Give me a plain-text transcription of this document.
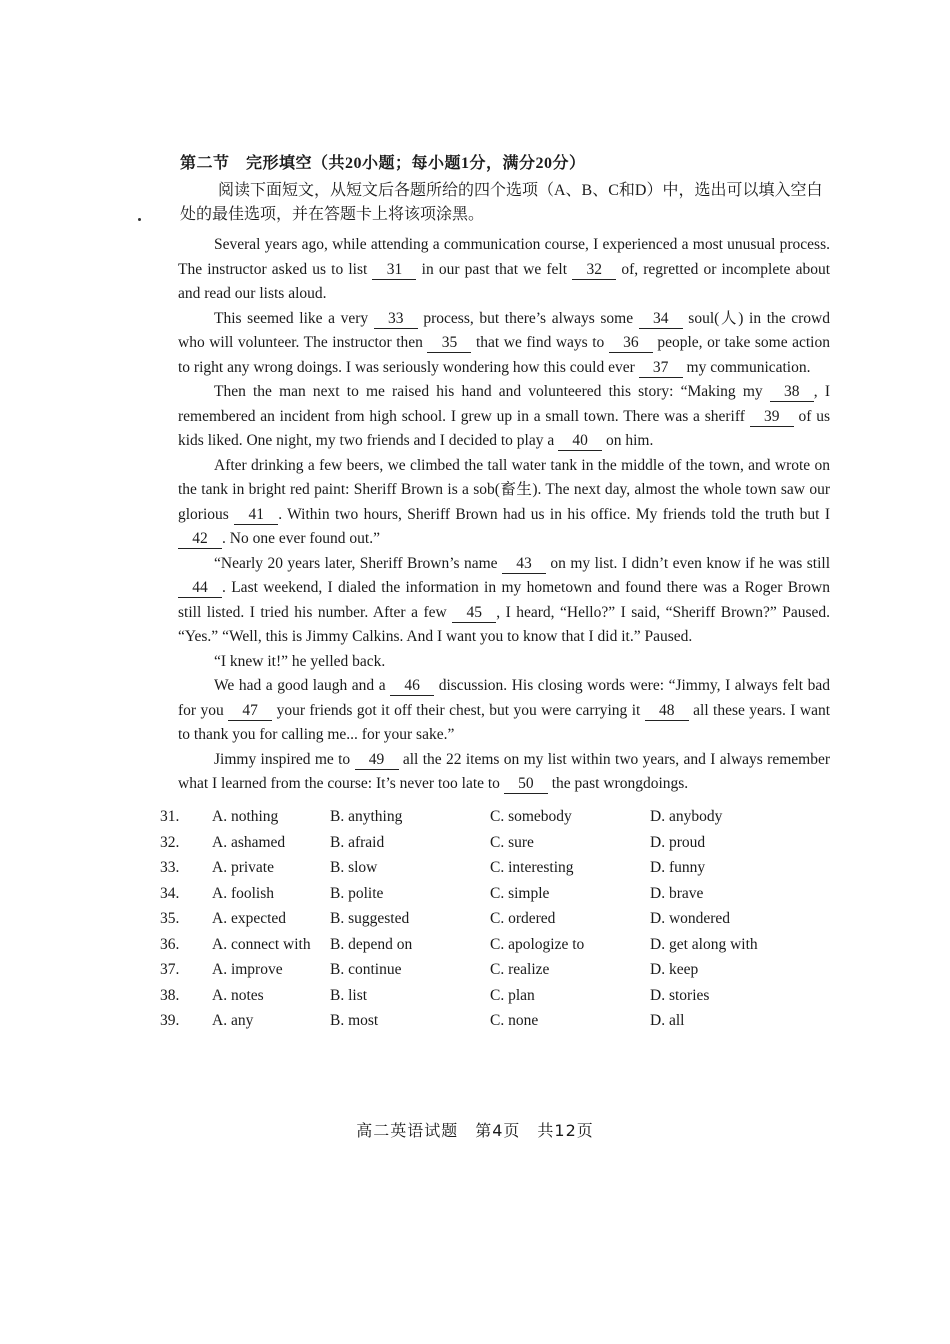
第二节　完形填空（共20小题；每小题1分，满分20分）
阅读下面短文，从短文后各题所给的四个选项（A、B、C和D）中，选出可以填入空白处的最佳选项，并在答题卡上将该项涂黑。

Several years ago, while attending a communication course, I experienced a most unusual process. The instructor asked us to list 31 in our past that we felt 32 of, regretted or incomplete about and read our lists aloud.

This seemed like a very 33 process, but there’s always some 34 soul(人) in the crowd who will volunteer. The instructor then 35 that we find ways to 36 people, or take some action to right any wrong doings. I was seriously wondering how this could ever 37 my communication.

Then the man next to me raised his hand and volunteered this story: “Making my 38 , I remembered an incident from high school. I grew up in a small town. There was a sheriff 39 of us kids liked. One night, my two friends and I decided to play a 40 on him.

After drinking a few beers, we climbed the tall water tank in the middle of the town, and wrote on the tank in bright red paint: Sheriff Brown is a sob(畜生). The next day, almost the whole town saw our glorious 41 . Within two hours, Sheriff Brown had us in his office. My friends told the truth but I 42 . No one ever found out.”

“Nearly 20 years later, Sheriff Brown’s name 43 on my list. I didn’t even know if he was still 44 . Last weekend, I dialed the information in my hometown and found there was a Roger Brown still listed. I tried his number. After a few 45 , I heard, “Hello?” I said, “Sheriff Brown?” Paused. “Yes.” “Well, this is Jimmy Calkins. And I want you to know that I did it.” Paused.

“I knew it!” he yelled back.

We had a good laugh and a 46 discussion. His closing words were: “Jimmy, I always felt bad for you 47 your friends got it off their chest, but you were carrying it 48 all these years. I want to thank you for calling me... for your sake.”

Jimmy inspired me to 49 all the 22 items on my list within two years, and I always remember what I learned from the course: It’s never too late to 50 the past wrongdoings.

31.	A. nothing	B. anything	C. somebody	D. anybody
32.	A. ashamed	B. afraid	C. sure	D. proud
33.	A. private	B. slow	C. interesting	D. funny
34.	A. foolish	B. polite	C. simple	D. brave
35.	A. expected	B. suggested	C. ordered	D. wondered
36.	A. connect with	B. depend on	C. apologize to	D. get along with
37.	A. improve	B. continue	C. realize	D. keep
38.	A. notes	B. list	C. plan	D. stories
39.	A. any	B. most	C. none	D. all
高二英语试题　第4页　共12页
